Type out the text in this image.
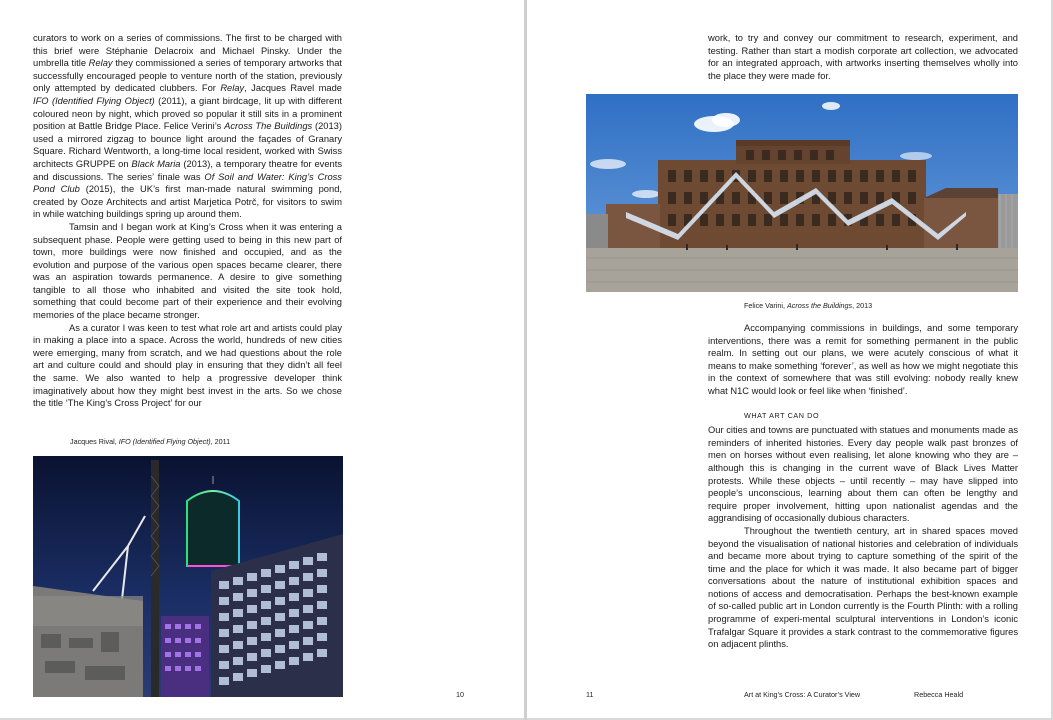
curators to work on a series of commissions. The first to be charged with this brief were Stéphanie Delacroix and Michael Pinsky. Under the umbrella title Relay they commissioned a series of temporary artworks that successfully encouraged people to venture north of the station, previously only attempted by dedicated clubbers. For Relay, Jacques Ravel made IFO (Identified Flying Object) (2011), a giant birdcage, lit up with different coloured neon by night, which proved so popular it still sits in a prominent position at Battle Bridge Place. Felice Verini’s Across The Buildings (2013) used a mirrored zigzag to bounce light around the façades of Granary Square. Richard Wentworth, a long-time local resident, worked with Swiss architects GRUPPE on Black Maria (2013), a temporary theatre for events and discussions. The series’ finale was Of Soil and Water: King’s Cross Pond Club (2015), the UK’s first man-made natural swimming pond, created by Ooze Architects and artist Marjetica Potrč, for visitors to swim in while watching buildings spring up around them.

Tamsin and I began work at King’s Cross when it was entering a subsequent phase. People were getting used to being in this new part of town, more buildings were now finished and occupied, and as the evolution and purpose of the various open spaces became clearer, there was an aspiration towards permanence. A desire to give something tangible to all those who inhabited and visited the site took hold, something that could become part of their experience and their evolving memories of the place became stronger.

As a curator I was keen to test what role art and artists could play in making a place into a space. Across the world, hundreds of new cities were emerging, many from scratch, and we had questions about the role art and culture could and should play in ensuring that they didn’t all feel the same. We also wanted to help a progressive developer think imaginatively about how they might best invest in the arts. So we chose the title ‘The King’s Cross Project’ for our

Jacques Rival, IFO (Identified Flying Object), 2011
10

work, to try and convey our commitment to research, experiment, and testing. Rather than start a modish corporate art collection, we advocated for an integrated approach, with artworks inserting themselves wholly into the place they were made for.

Felice Varini, Across the Buildings, 2013

Accompanying commissions in buildings, and some temporary interventions, there was a remit for something permanent in the public realm. In setting out our plans, we were acutely conscious of what it means to make something ‘forever’, as well as how we might negotiate this in the context of somewhere that was still evolving: nobody really knew what N1C would look or feel like when ‘finished’.

WHAT ART CAN DO

Our cities and towns are punctuated with statues and monuments made as reminders of inherited histories. Every day people walk past bronzes of men on horses without even realising, let alone knowing who they are – although this is changing in the current wave of Black Lives Matter protests. While these objects – until recently – may have slipped into people’s unconscious, learning about them can often be lengthy and require proper involvement, hitting upon nationalist agendas and the aggrandising of occasionally dubious characters.

Throughout the twentieth century, art in shared spaces moved beyond the visualisation of national histories and celebration of individuals and became more about trying to capture something of the spirit of the time and the place for which it was made. It also became part of bigger conversations about the nature of institutional exhibition spaces and notions of access and democratisation. Perhaps the best-known example of so-called public art in London currently is the Fourth Plinth: with a rolling programme of experi-mental sculptural interventions in London’s iconic Trafalgar Square it provides a stark contrast to the commemorative figures on adjacent plinths.

11	Art at King’s Cross: A Curator’s View	Rebecca Heald
